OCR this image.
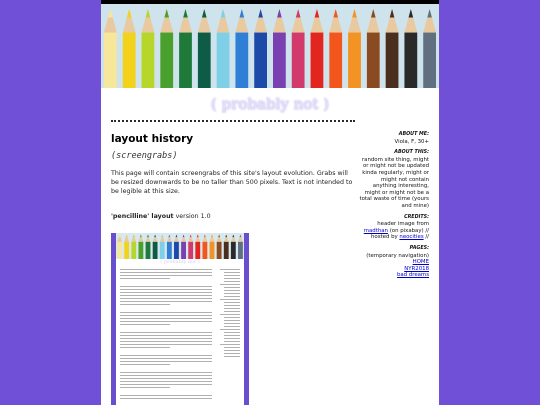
( probably not )
layout history
(screengrabs)
This page will contain screengrabs of this site's layout evolution. Grabs will be resized downwards to be no taller than 500 pixels. Text is not intended to be legible at this size.
'pencilline' layout version 1.0
( probably not )
ABOUT ME:
Viola, F, 30+
ABOUT THIS:
random site thing, might or might not be updated kinda regularly, might or might not contain anything interesting, might or might not be a total waste of time (yours and mine)
CREDITS:
header image from
madthan (on pixabay) //
hosted by neocities //
PAGES:
(temporary navigation)
HOME
NYR2018
bad dreams
